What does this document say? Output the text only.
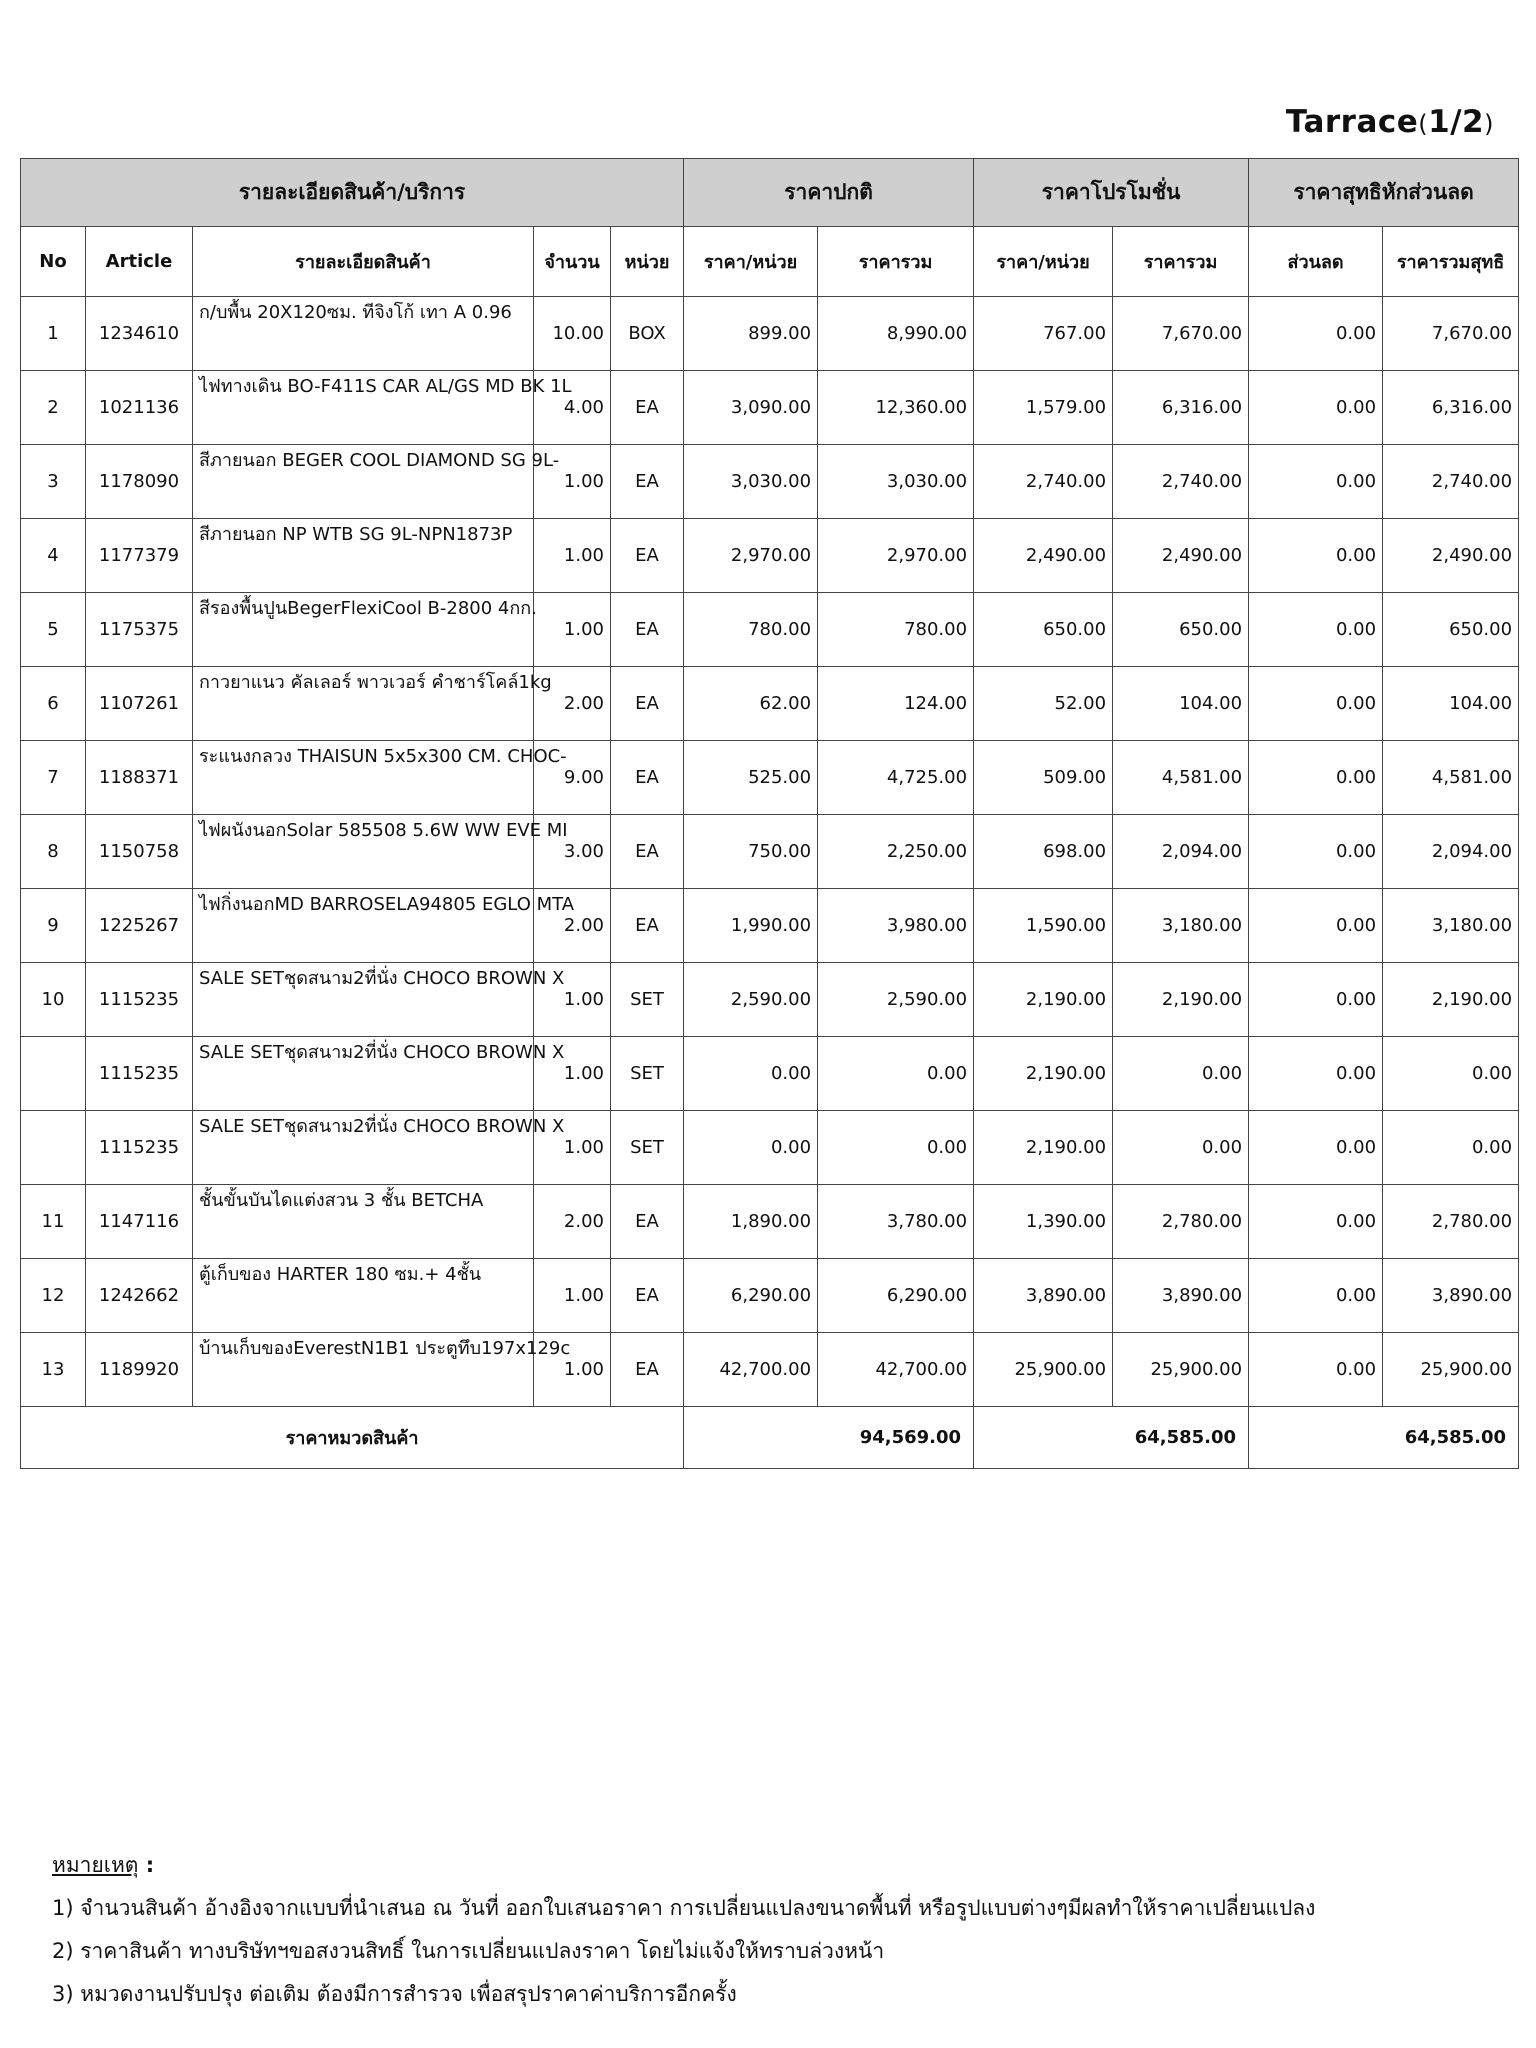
Tarrace(1/2)
รายละเอียดสินค้า/บริการ					ราคาปกติ		ราคาโปรโมชั่น		ราคาสุทธิหักส่วนลด	
No	Article	รายละเอียดสินค้า	จำนวน	หน่วย	ราคา/หน่วย	ราคารวม	ราคา/หน่วย	ราคารวม	ส่วนลด	ราคารวมสุทธิ
1	1234610	ก/บพื้น 20X120ซม. ทีจิงโก้ เทา A 0.96	10.00	BOX	899.00	8,990.00	767.00	7,670.00	0.00	7,670.00
2	1021136	ไฟทางเดิน BO-F411S CAR AL/GS MD BK 1L	4.00	EA	3,090.00	12,360.00	1,579.00	6,316.00	0.00	6,316.00
3	1178090	สีภายนอก BEGER COOL DIAMOND SG 9L-	1.00	EA	3,030.00	3,030.00	2,740.00	2,740.00	0.00	2,740.00
4	1177379	สีภายนอก NP WTB SG 9L-NPN1873P	1.00	EA	2,970.00	2,970.00	2,490.00	2,490.00	0.00	2,490.00
5	1175375	สีรองพื้นปูนBegerFlexiCool B-2800 4กก.	1.00	EA	780.00	780.00	650.00	650.00	0.00	650.00
6	1107261	กาวยาแนว คัลเลอร์ พาวเวอร์ คำชาร์โคล์1kg	2.00	EA	62.00	124.00	52.00	104.00	0.00	104.00
7	1188371	ระแนงกลวง THAISUN 5x5x300 CM. CHOC-	9.00	EA	525.00	4,725.00	509.00	4,581.00	0.00	4,581.00
8	1150758	ไฟผนังนอกSolar 585508 5.6W WW EVE MI	3.00	EA	750.00	2,250.00	698.00	2,094.00	0.00	2,094.00
9	1225267	ไฟกิ่งนอกMD BARROSELA94805 EGLO MTA	2.00	EA	1,990.00	3,980.00	1,590.00	3,180.00	0.00	3,180.00
10	1115235	SALE SETชุดสนาม2ที่นั่ง CHOCO BROWN X	1.00	SET	2,590.00	2,590.00	2,190.00	2,190.00	0.00	2,190.00
	1115235	SALE SETชุดสนาม2ที่นั่ง CHOCO BROWN X	1.00	SET	0.00	0.00	2,190.00	0.00	0.00	0.00
	1115235	SALE SETชุดสนาม2ที่นั่ง CHOCO BROWN X	1.00	SET	0.00	0.00	2,190.00	0.00	0.00	0.00
11	1147116	ชั้นขั้นบันไดแต่งสวน 3 ชั้น BETCHA	2.00	EA	1,890.00	3,780.00	1,390.00	2,780.00	0.00	2,780.00
12	1242662	ตู้เก็บของ HARTER 180 ซม.+ 4ชั้น	1.00	EA	6,290.00	6,290.00	3,890.00	3,890.00	0.00	3,890.00
13	1189920	บ้านเก็บของEverestN1B1 ประตูทึบ197x129c	1.00	EA	42,700.00	42,700.00	25,900.00	25,900.00	0.00	25,900.00
ราคาหมวดสินค้า					94,569.00		64,585.00		64,585.00	
หมายเหตุ :
1) จำนวนสินค้า อ้างอิงจากแบบที่นำเสนอ ณ วันที่ ออกใบเสนอราคา การเปลี่ยนแปลงขนาดพื้นที่ หรือรูปแบบต่างๆมีผลทำให้ราคาเปลี่ยนแปลง
2) ราคาสินค้า ทางบริษัทฯขอสงวนสิทธิ์ ในการเปลี่ยนแปลงราคา โดยไม่แจ้งให้ทราบล่วงหน้า
3) หมวดงานปรับปรุง ต่อเติม ต้องมีการสำรวจ เพื่อสรุปราคาค่าบริการอีกครั้ง
